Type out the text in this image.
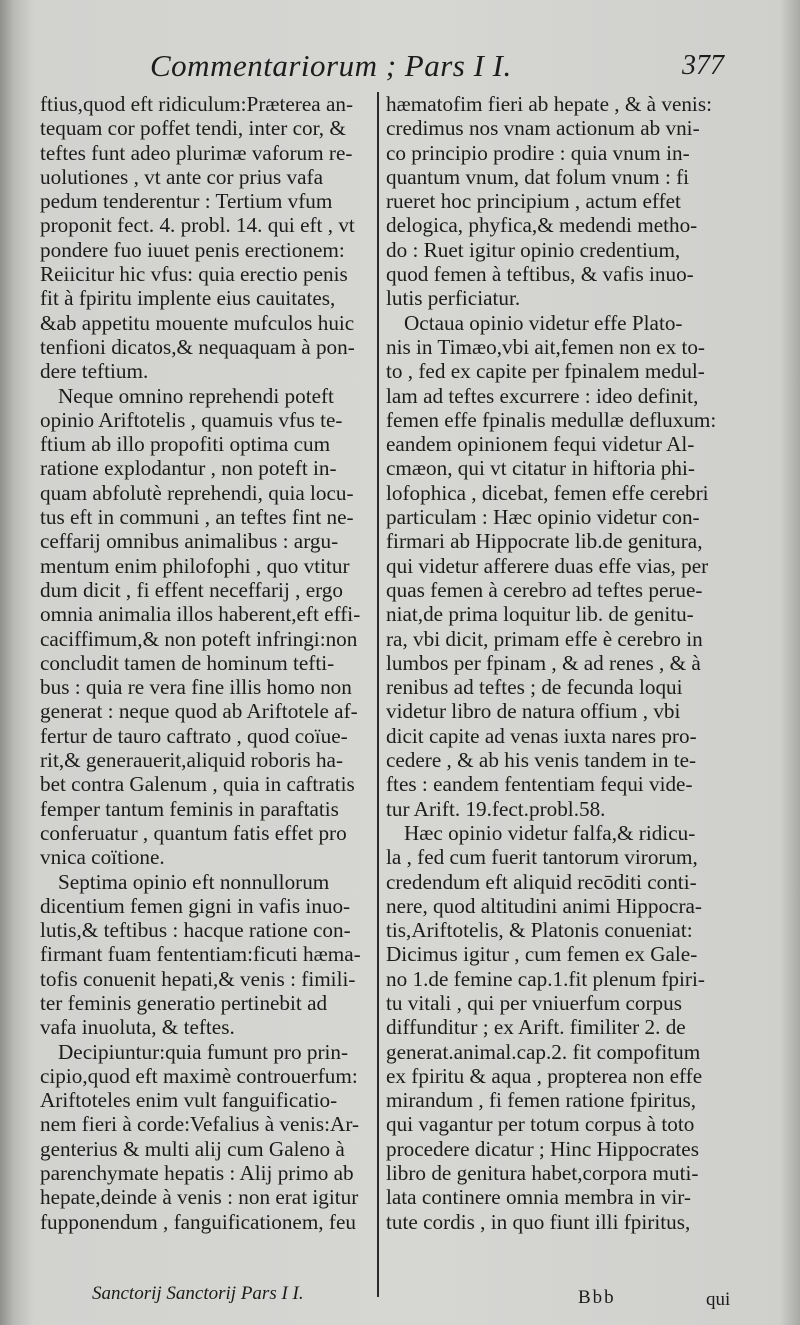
Commentariorum ; Pars I I.	377
ftius,quod eft ridiculum:Præterea an-
tequam cor poffet tendi, inter cor, &
teftes funt adeo plurimæ vaforum re-
uolutiones , vt ante cor prius vafa
pedum tenderentur : Tertium vfum
proponit fect. 4. probl. 14. qui eft , vt
pondere fuo iuuet penis erectionem:
Reiicitur hic vfus: quia erectio penis
fit à fpiritu implente eius cauitates,
&ab appetitu mouente mufculos huic
tenfioni dicatos,& nequaquam à pon-
dere teftium.
Neque omnino reprehendi poteft
opinio Ariftotelis , quamuis vfus te-
ftium ab illo propofiti optima cum
ratione explodantur , non poteft in-
quam abfolutè reprehendi, quia locu-
tus eft in communi , an teftes fint ne-
ceffarij omnibus animalibus : argu-
mentum enim philofophi , quo vtitur
dum dicit , fi effent neceffarij , ergo
omnia animalia illos haberent,eft effi-
caciffimum,& non poteft infringi:non
concludit tamen de hominum tefti-
bus : quia re vera fine illis homo non
generat : neque quod ab Ariftotele af-
fertur de tauro caftrato , quod coïue-
rit,& generauerit,aliquid roboris ha-
bet contra Galenum , quia in caftratis
femper tantum feminis in paraftatis
conferuatur , quantum fatis effet pro
vnica coïtione.
Septima opinio eft nonnullorum
dicentium femen gigni in vafis inuo-
lutis,& teftibus : hacque ratione con-
firmant fuam fententiam:ficuti hæma-
tofis conuenit hepati,& venis : fimili-
ter feminis generatio pertinebit ad
vafa inuoluta, & teftes.
Decipiuntur:quia fumunt pro prin-
cipio,quod eft maximè controuerfum:
Ariftoteles enim vult fanguificatio-
nem fieri à corde:Vefalius à venis:Ar-
genterius & multi alij cum Galeno à
parenchymate hepatis : Alij primo ab
hepate,deinde à venis : non erat igitur
fupponendum , fanguificationem, feu
hæmatofim fieri ab hepate , & à venis:
credimus nos vnam actionum ab vni-
co principio prodire : quia vnum in-
quantum vnum, dat folum vnum : fi
rueret hoc principium , actum effet
delogica, phyfica,& medendi metho-
do : Ruet igitur opinio credentium,
quod femen à teftibus, & vafis inuo-
lutis perficiatur.
Octaua opinio videtur effe Plato-
nis in Timæo,vbi ait,femen non ex to-
to , fed ex capite per fpinalem medul-
lam ad teftes excurrere : ideo definit,
femen effe fpinalis medullæ defluxum:
eandem opinionem fequi videtur Al-
cmæon, qui vt citatur in hiftoria phi-
lofophica , dicebat, femen effe cerebri
particulam : Hæc opinio videtur con-
firmari ab Hippocrate lib.de genitura,
qui videtur afferere duas effe vias, per
quas femen à cerebro ad teftes perue-
niat,de prima loquitur lib. de genitu-
ra, vbi dicit, primam effe è cerebro in
lumbos per fpinam , & ad renes , & à
renibus ad teftes ; de fecunda loqui
videtur libro de natura offium , vbi
dicit capite ad venas iuxta nares pro-
cedere , & ab his venis tandem in te-
ftes : eandem fententiam fequi vide-
tur Arift. 19.fect.probl.58.
Hæc opinio videtur falfa,& ridicu-
la , fed cum fuerit tantorum virorum,
credendum eft aliquid recōditi conti-
nere, quod altitudini animi Hippocra-
tis,Ariftotelis, & Platonis conueniat:
Dicimus igitur , cum femen ex Gale-
no 1.de femine cap.1.fit plenum fpiri-
tu vitali , qui per vniuerfum corpus
diffunditur ; ex Arift. fimiliter 2. de
generat.animal.cap.2. fit compofitum
ex fpiritu & aqua , propterea non effe
mirandum , fi femen ratione fpiritus,
qui vagantur per totum corpus à toto
procedere dicatur ; Hinc Hippocrates
libro de genitura habet,corpora muti-
lata continere omnia membra in vir-
tute cordis , in quo fiunt illi fpiritus,
Sanctorij Sanctorij Pars I I.	Bbb	qui
